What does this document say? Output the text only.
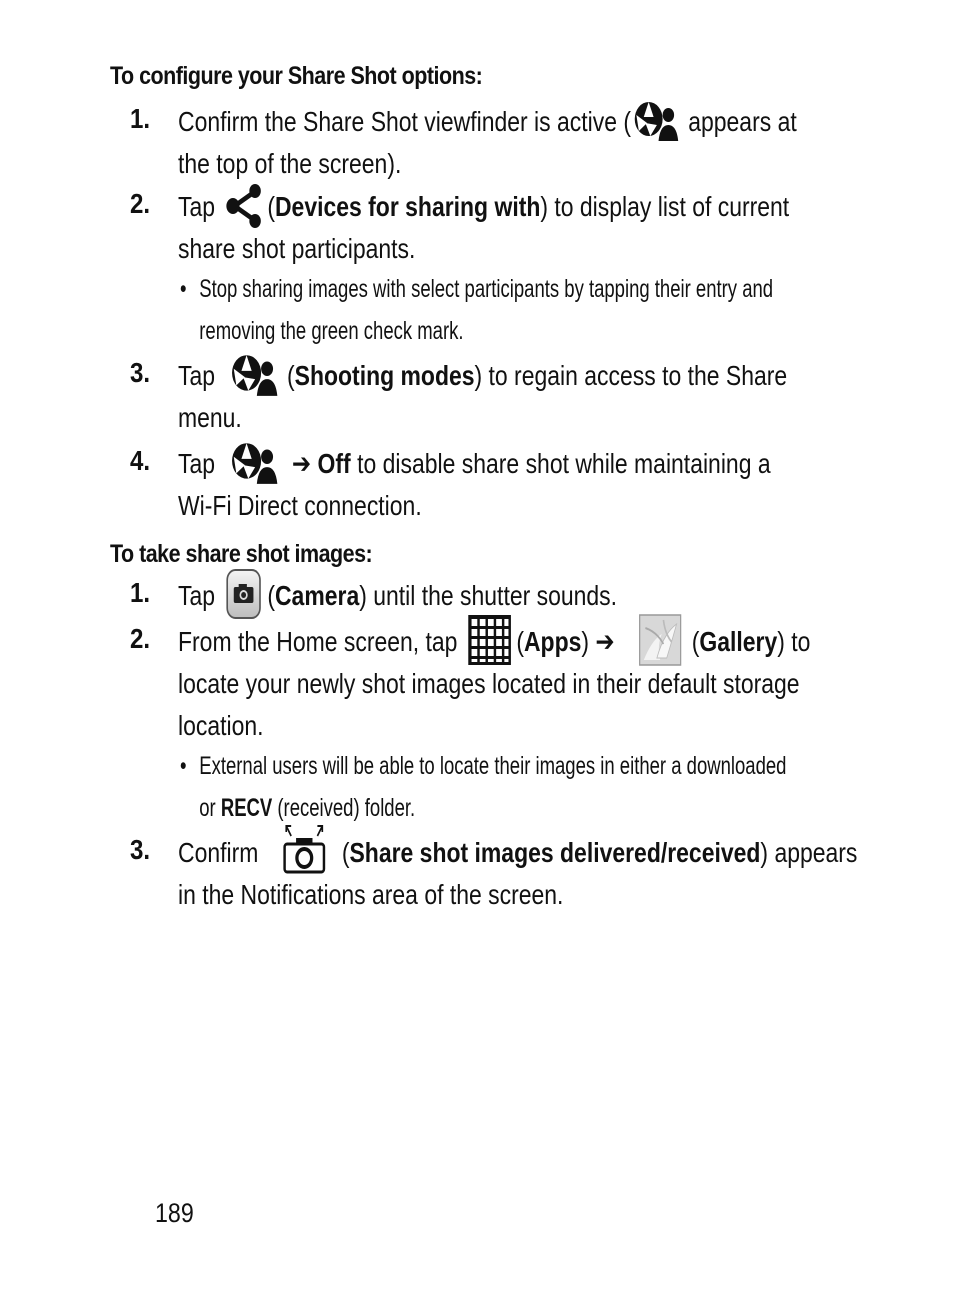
To configure your Share Shot options:
1. Confirm the Share Shot viewfinder is active ( appears at
the top of the screen).
2. Tap (Devices for sharing with) to display list of current
share shot participants.
• Stop sharing images with select participants by tapping their entry and
removing the green check mark.
3. Tap (Shooting modes) to regain access to the Share
menu.
4. Tap	➔ Off to disable share shot while maintaining a
Wi-Fi Direct connection.
To take share shot images:
1. Tap (Camera) until the shutter sounds.
2. From the Home screen, tap (Apps) ➔	(Gallery) to
locate your newly shot images located in their default storage
location.
• External users will be able to locate their images in either a downloaded
or RECV (received) folder.
3. Confirm	(Share shot images delivered/received) appears
in the Notifications area of the screen.
189
